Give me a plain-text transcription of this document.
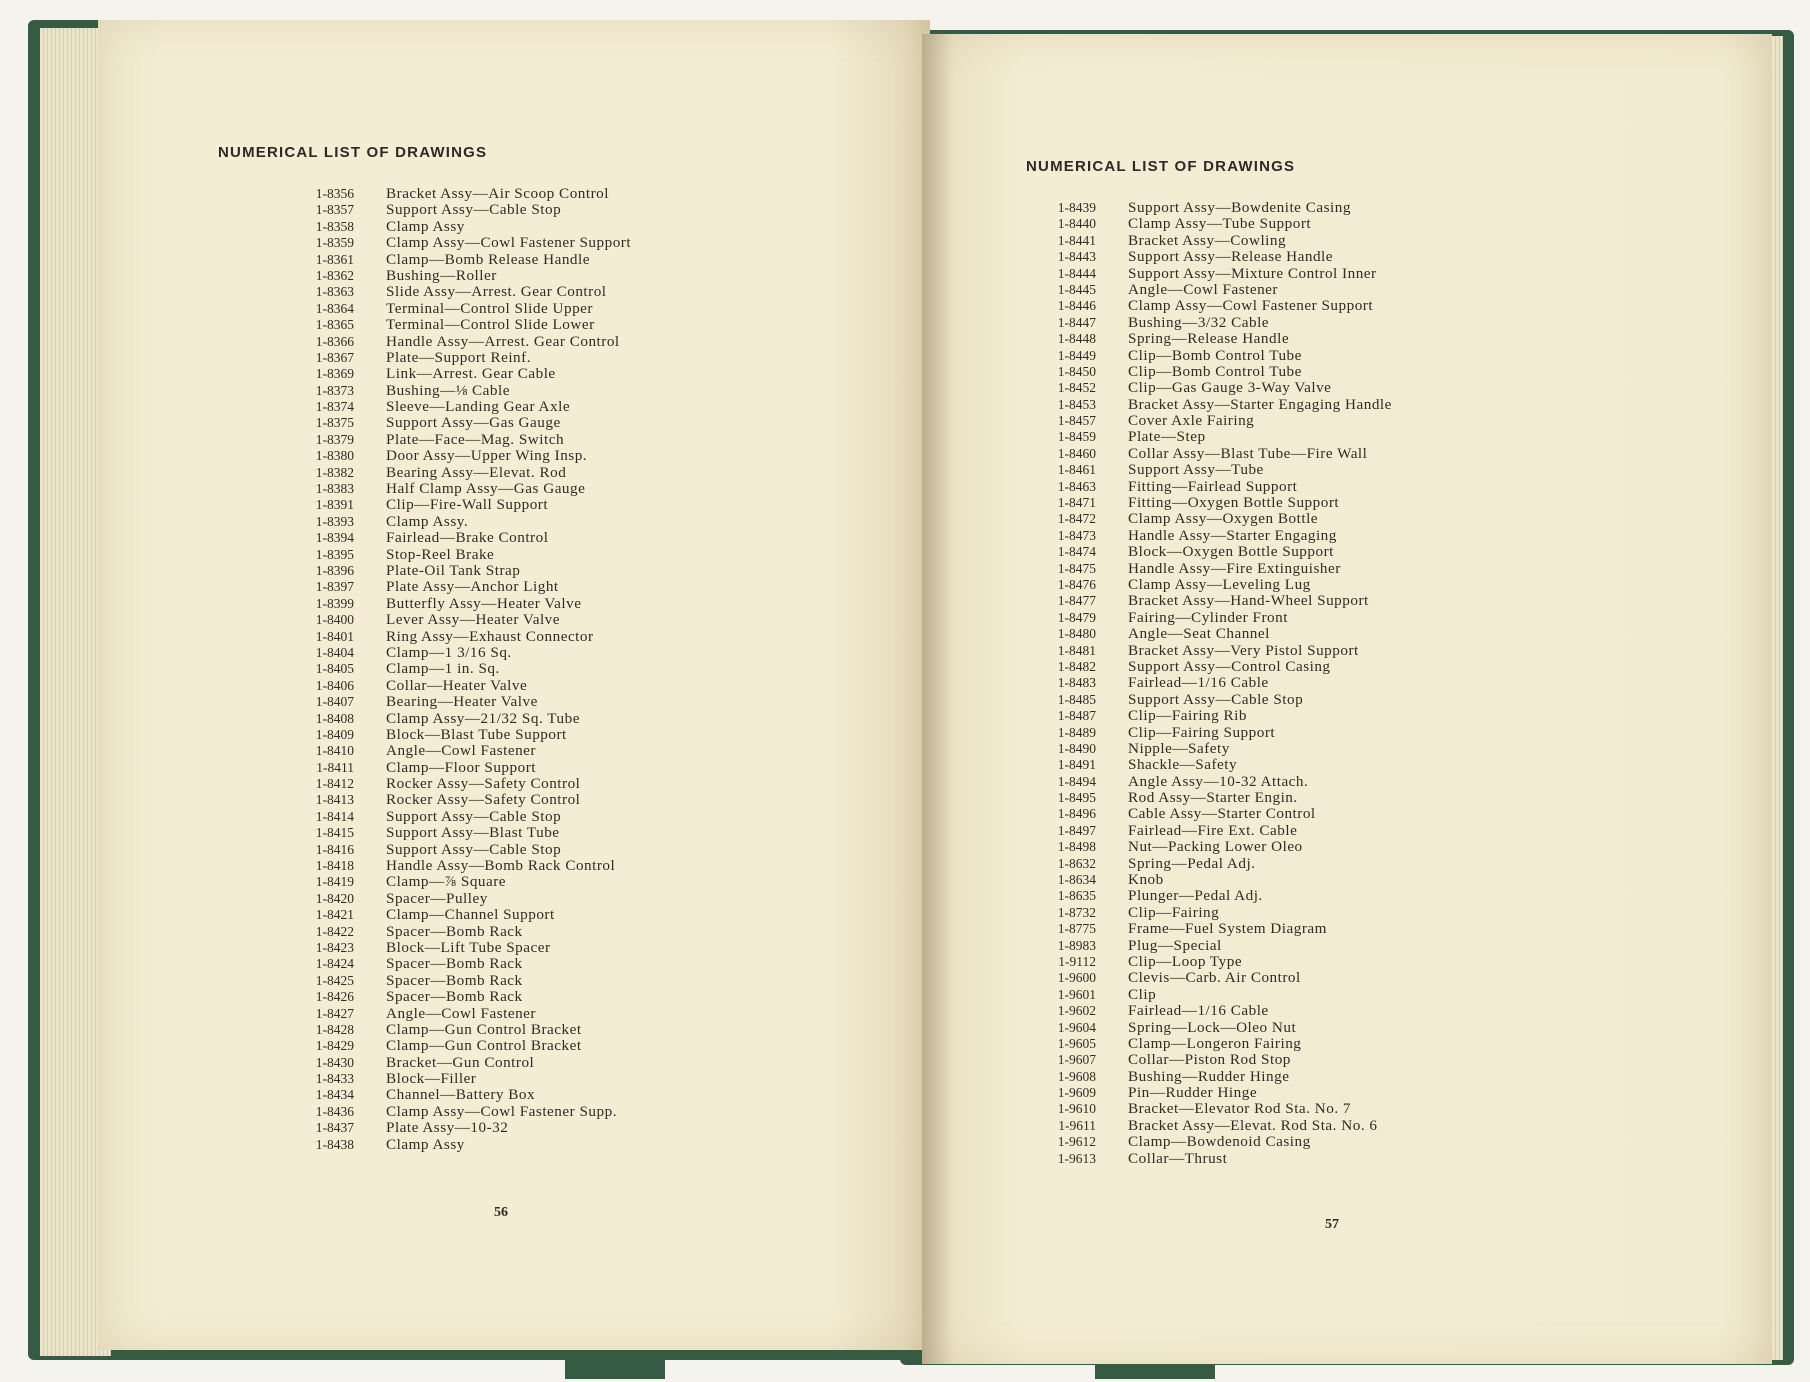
NUMERICAL LIST OF DRAWINGS
1-8356 Bracket Assy—Air Scoop Control
1-8357 Support Assy—Cable Stop
1-8358 Clamp Assy
1-8359 Clamp Assy—Cowl Fastener Support
1-8361 Clamp—Bomb Release Handle
1-8362 Bushing—Roller
1-8363 Slide Assy—Arrest. Gear Control
1-8364 Terminal—Control Slide Upper
1-8365 Terminal—Control Slide Lower
1-8366 Handle Assy—Arrest. Gear Control
1-8367 Plate—Support Reinf.
1-8369 Link—Arrest. Gear Cable
1-8373 Bushing—⅛ Cable
1-8374 Sleeve—Landing Gear Axle
1-8375 Support Assy—Gas Gauge
1-8379 Plate—Face—Mag. Switch
1-8380 Door Assy—Upper Wing Insp.
1-8382 Bearing Assy—Elevat. Rod
1-8383 Half Clamp Assy—Gas Gauge
1-8391 Clip—Fire-Wall Support
1-8393 Clamp Assy.
1-8394 Fairlead—Brake Control
1-8395 Stop-Reel Brake
1-8396 Plate-Oil Tank Strap
1-8397 Plate Assy—Anchor Light
1-8399 Butterfly Assy—Heater Valve
1-8400 Lever Assy—Heater Valve
1-8401 Ring Assy—Exhaust Connector
1-8404 Clamp—1 3/16 Sq.
1-8405 Clamp—1 in. Sq.
1-8406 Collar—Heater Valve
1-8407 Bearing—Heater Valve
1-8408 Clamp Assy—21/32 Sq. Tube
1-8409 Block—Blast Tube Support
1-8410 Angle—Cowl Fastener
1-8411 Clamp—Floor Support
1-8412 Rocker Assy—Safety Control
1-8413 Rocker Assy—Safety Control
1-8414 Support Assy—Cable Stop
1-8415 Support Assy—Blast Tube
1-8416 Support Assy—Cable Stop
1-8418 Handle Assy—Bomb Rack Control
1-8419 Clamp—⅞ Square
1-8420 Spacer—Pulley
1-8421 Clamp—Channel Support
1-8422 Spacer—Bomb Rack
1-8423 Block—Lift Tube Spacer
1-8424 Spacer—Bomb Rack
1-8425 Spacer—Bomb Rack
1-8426 Spacer—Bomb Rack
1-8427 Angle—Cowl Fastener
1-8428 Clamp—Gun Control Bracket
1-8429 Clamp—Gun Control Bracket
1-8430 Bracket—Gun Control
1-8433 Block—Filler
1-8434 Channel—Battery Box
1-8436 Clamp Assy—Cowl Fastener Supp.
1-8437 Plate Assy—10-32
1-8438 Clamp Assy
56
NUMERICAL LIST OF DRAWINGS
1-8439 Support Assy—Bowdenite Casing
1-8440 Clamp Assy—Tube Support
1-8441 Bracket Assy—Cowling
1-8443 Support Assy—Release Handle
1-8444 Support Assy—Mixture Control Inner
1-8445 Angle—Cowl Fastener
1-8446 Clamp Assy—Cowl Fastener Support
1-8447 Bushing—3/32 Cable
1-8448 Spring—Release Handle
1-8449 Clip—Bomb Control Tube
1-8450 Clip—Bomb Control Tube
1-8452 Clip—Gas Gauge 3-Way Valve
1-8453 Bracket Assy—Starter Engaging Handle
1-8457 Cover Axle Fairing
1-8459 Plate—Step
1-8460 Collar Assy—Blast Tube—Fire Wall
1-8461 Support Assy—Tube
1-8463 Fitting—Fairlead Support
1-8471 Fitting—Oxygen Bottle Support
1-8472 Clamp Assy—Oxygen Bottle
1-8473 Handle Assy—Starter Engaging
1-8474 Block—Oxygen Bottle Support
1-8475 Handle Assy—Fire Extinguisher
1-8476 Clamp Assy—Leveling Lug
1-8477 Bracket Assy—Hand-Wheel Support
1-8479 Fairing—Cylinder Front
1-8480 Angle—Seat Channel
1-8481 Bracket Assy—Very Pistol Support
1-8482 Support Assy—Control Casing
1-8483 Fairlead—1/16 Cable
1-8485 Support Assy—Cable Stop
1-8487 Clip—Fairing Rib
1-8489 Clip—Fairing Support
1-8490 Nipple—Safety
1-8491 Shackle—Safety
1-8494 Angle Assy—10-32 Attach.
1-8495 Rod Assy—Starter Engin.
1-8496 Cable Assy—Starter Control
1-8497 Fairlead—Fire Ext. Cable
1-8498 Nut—Packing Lower Oleo
1-8632 Spring—Pedal Adj.
1-8634 Knob
1-8635 Plunger—Pedal Adj.
1-8732 Clip—Fairing
1-8775 Frame—Fuel System Diagram
1-8983 Plug—Special
1-9112 Clip—Loop Type
1-9600 Clevis—Carb. Air Control
1-9601 Clip
1-9602 Fairlead—1/16 Cable
1-9604 Spring—Lock—Oleo Nut
1-9605 Clamp—Longeron Fairing
1-9607 Collar—Piston Rod Stop
1-9608 Bushing—Rudder Hinge
1-9609 Pin—Rudder Hinge
1-9610 Bracket—Elevator Rod Sta. No. 7
1-9611 Bracket Assy—Elevat. Rod Sta. No. 6
1-9612 Clamp—Bowdenoid Casing
1-9613 Collar—Thrust
57
